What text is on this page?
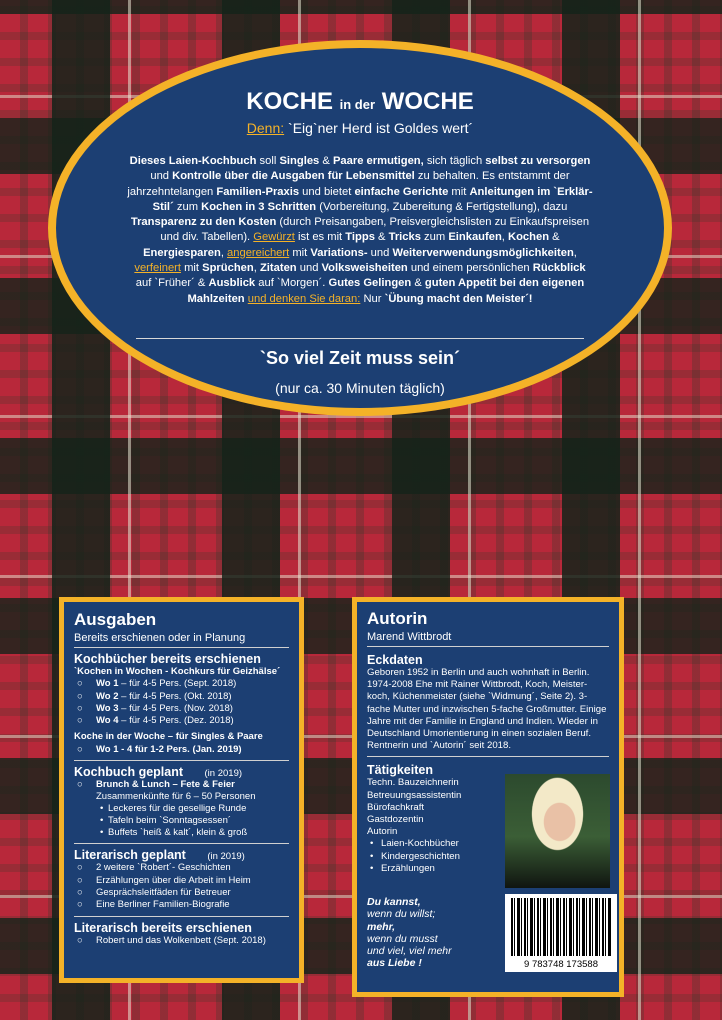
KOCHE in der WOCHE
Denn: `Eig`ner Herd ist Goldes wert´
Dieses Laien-Kochbuch soll Singles & Paare ermutigen, sich täglich selbst zu versorgen und Kontrolle über die Ausgaben für Lebensmittel zu behalten. Es entstammt der jahrzehntelangen Familien-Praxis und bietet einfache Gerichte mit Anleitungen im `Erklär-Stil´ zum Kochen in 3 Schritten (Vorbereitung, Zubereitung & Fertigstellung), dazu Transparenz zu den Kosten (durch Preisangaben, Preisvergleichslisten zu Einkaufspreisen und div. Tabellen). Gewürzt ist es mit Tipps & Tricks zum Einkaufen, Kochen & Energiesparen, angereichert mit Variations- und Weiterverwendungsmöglichkeiten, verfeinert mit Sprüchen, Zitaten und Volksweisheiten und einem persönlichen Rückblick auf `Früher´ & Ausblick auf `Morgen´. Gutes Gelingen & guten Appetit bei den eigenen Mahlzeiten und denken Sie daran: Nur `Übung macht den Meister´!
`So viel Zeit muss sein´
(nur ca. 30 Minuten täglich)
Ausgaben
Bereits erschienen oder in Planung
Kochbücher bereits erschienen
`Kochen in Wochen - Kochkurs für Geizhälse´
○	Wo 1 – für 4-5 Pers. (Sept. 2018)
○	Wo 2 – für 4-5 Pers. (Okt. 2018)
○	Wo 3 – für 4-5 Pers. (Nov. 2018)
○	Wo 4 – für 4-5 Pers. (Dez. 2018)
Koche in der Woche – für Singles & Paare
○	Wo 1 - 4 für 1-2 Pers. (Jan. 2019)
Kochbuch geplant (in 2019)
○	Brunch & Lunch – Fete & Feier
Zusammenkünfte für 6 – 50 Personen
• Leckeres für die gesellige Runde
• Tafeln beim `Sonntagsessen´
• Buffets `heiß & kalt´, klein & groß
Literarisch geplant (in 2019)
○	2 weitere `Robert´- Geschichten
○	Erzählungen über die Arbeit im Heim
○	Gesprächsleitfäden für Betreuer
○	Eine Berliner Familien-Biografie
Literarisch bereits erschienen
○	Robert und das Wolkenbett (Sept. 2018)
Autorin
Marend Wittbrodt
Eckdaten
Geboren 1952 in Berlin und auch wohnhaft in Berlin. 1974-2008 Ehe mit Rainer Wittbrodt, Koch, Meister-koch, Küchenmeister (siehe `Widmung´, Seite 2). 3-fache Mutter und inzwischen 5-fache Großmutter. Einige Jahre mit der Familie in England und Indien. Wieder in Deutschland Umorientierung in einen sozialen Beruf. Rentnerin und `Autorin´ seit 2018.
Tätigkeiten
Techn. Bauzeichnerin
Betreuungsassistentin
Bürofachkraft
Gastdozentin
Autorin
• Laien-Kochbücher
• Kindergeschichten
• Erzählungen
Du kannst,
wenn du willst;
mehr,
wenn du musst
und viel, viel mehr
aus Liebe !	9 783748 173588
